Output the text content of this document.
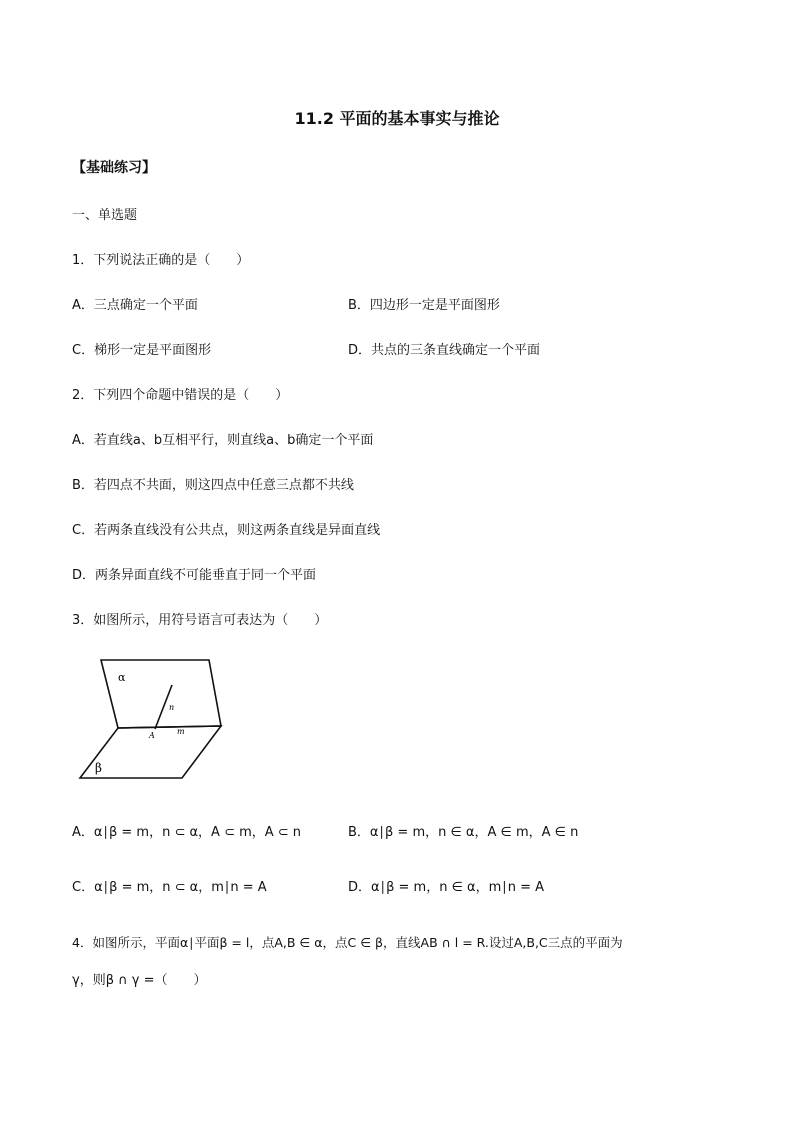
11.2 平面的基本事实与推论
【基础练习】
一、单选题
1．下列说法正确的是（　　）
A．三点确定一个平面	B．四边形一定是平面图形
C．梯形一定是平面图形	D．共点的三条直线确定一个平面
2．下列四个命题中错误的是（　　）
A．若直线a、b互相平行，则直线a、b确定一个平面
B．若四点不共面，则这四点中任意三点都不共线
C．若两条直线没有公共点，则这两条直线是异面直线
D．两条异面直线不可能垂直于同一个平面
3．如图所示，用符号语言可表达为（　　）
α
β
n
m
A
A．α∣β = m，n ⊂ α，A ⊂ m，A ⊂ n	B．α∣β = m，n ∈ α，A ∈ m，A ∈ n
C．α∣β = m，n ⊂ α，m∣n = A	D．α∣β = m，n ∈ α，m∣n = A
4．如图所示，平面α∣平面β = l，点A,B ∈ α，点C ∈ β，直线AB ∩ l = R.设过A,B,C三点的平面为
γ，则β ∩ γ =（　　）
